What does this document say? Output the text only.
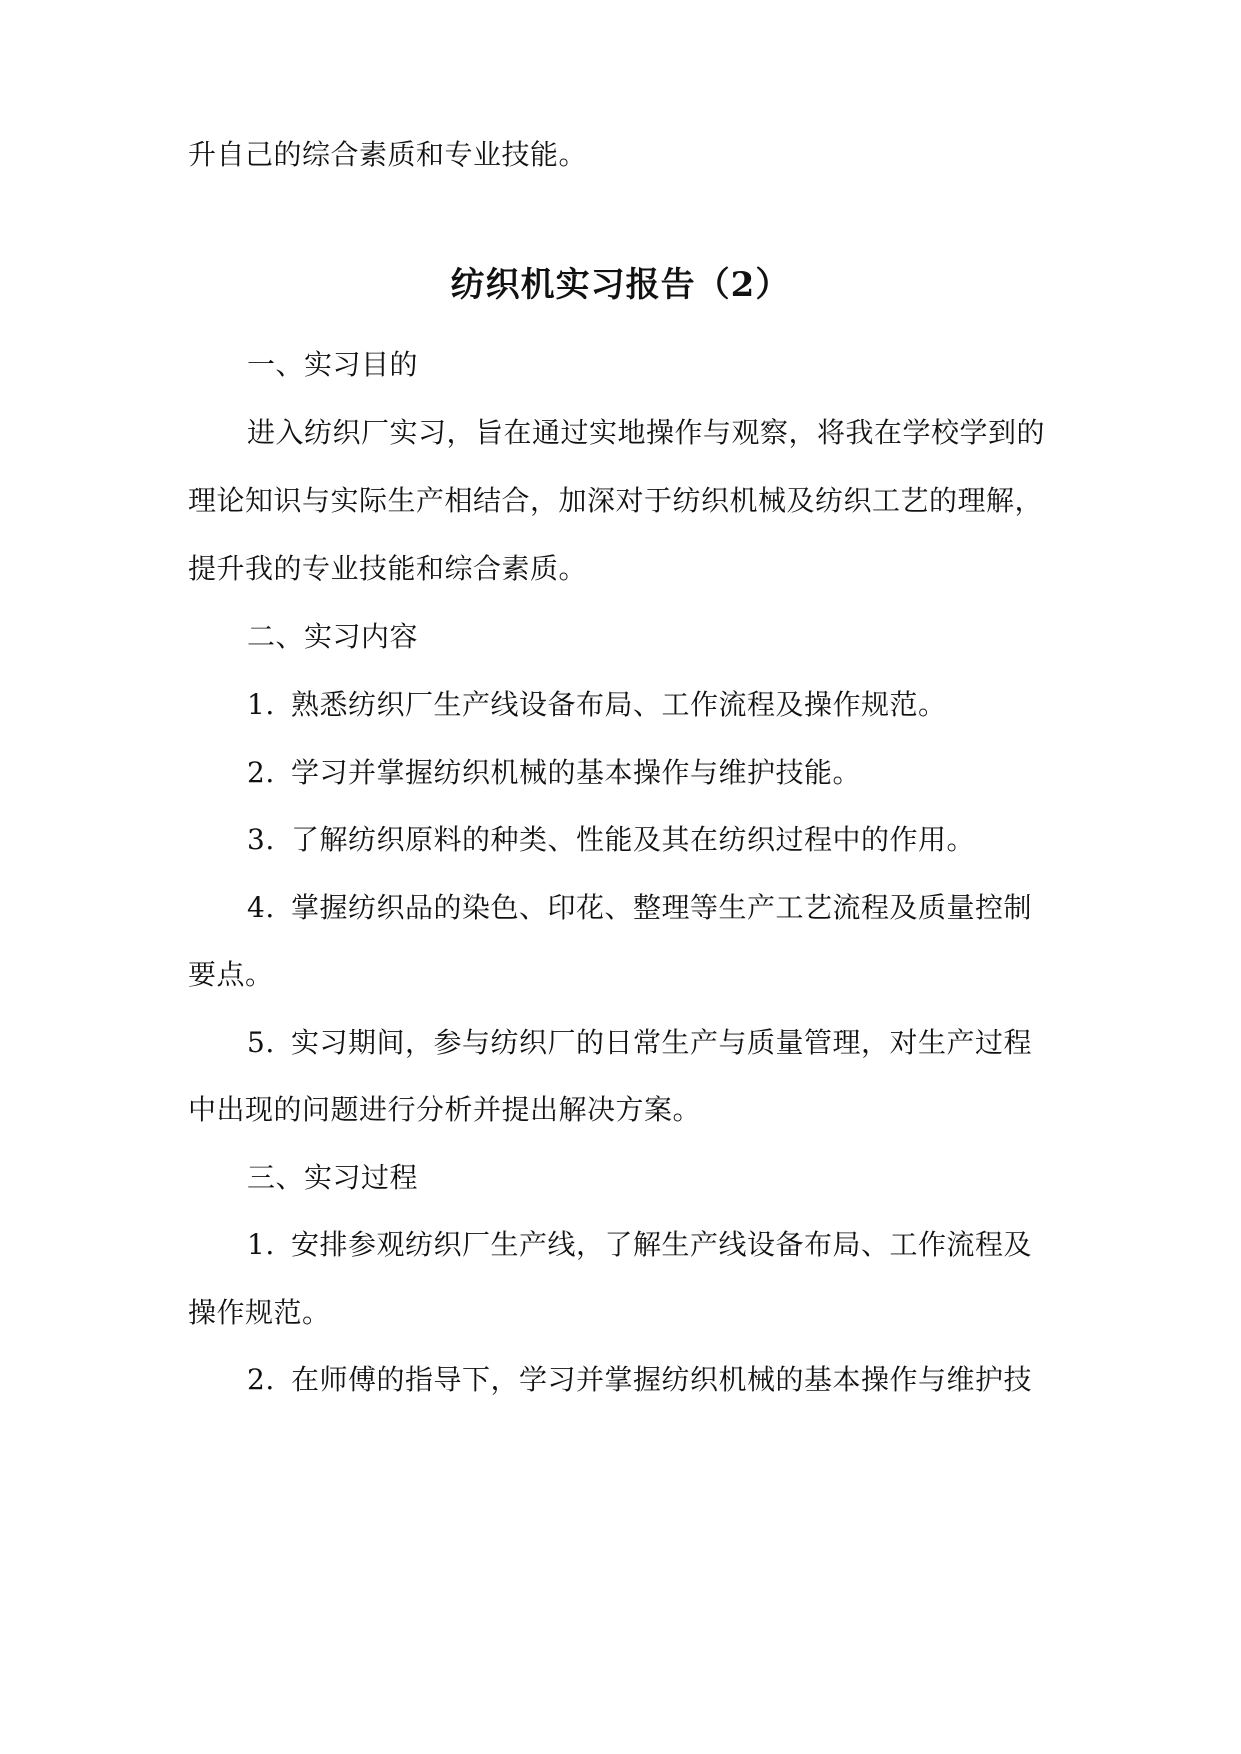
升自己的综合素质和专业技能。
纺织机实习报告（2）
一、实习目的
进入纺织厂实习，旨在通过实地操作与观察，将我在学校学到的
理论知识与实际生产相结合，加深对于纺织机械及纺织工艺的理解，
提升我的专业技能和综合素质。
二、实习内容
1. 熟悉纺织厂生产线设备布局、工作流程及操作规范。
2. 学习并掌握纺织机械的基本操作与维护技能。
3. 了解纺织原料的种类、性能及其在纺织过程中的作用。
4. 掌握纺织品的染色、印花、整理等生产工艺流程及质量控制
要点。
5. 实习期间，参与纺织厂的日常生产与质量管理，对生产过程
中出现的问题进行分析并提出解决方案。
三、实习过程
1. 安排参观纺织厂生产线，了解生产线设备布局、工作流程及
操作规范。
2. 在师傅的指导下，学习并掌握纺织机械的基本操作与维护技
